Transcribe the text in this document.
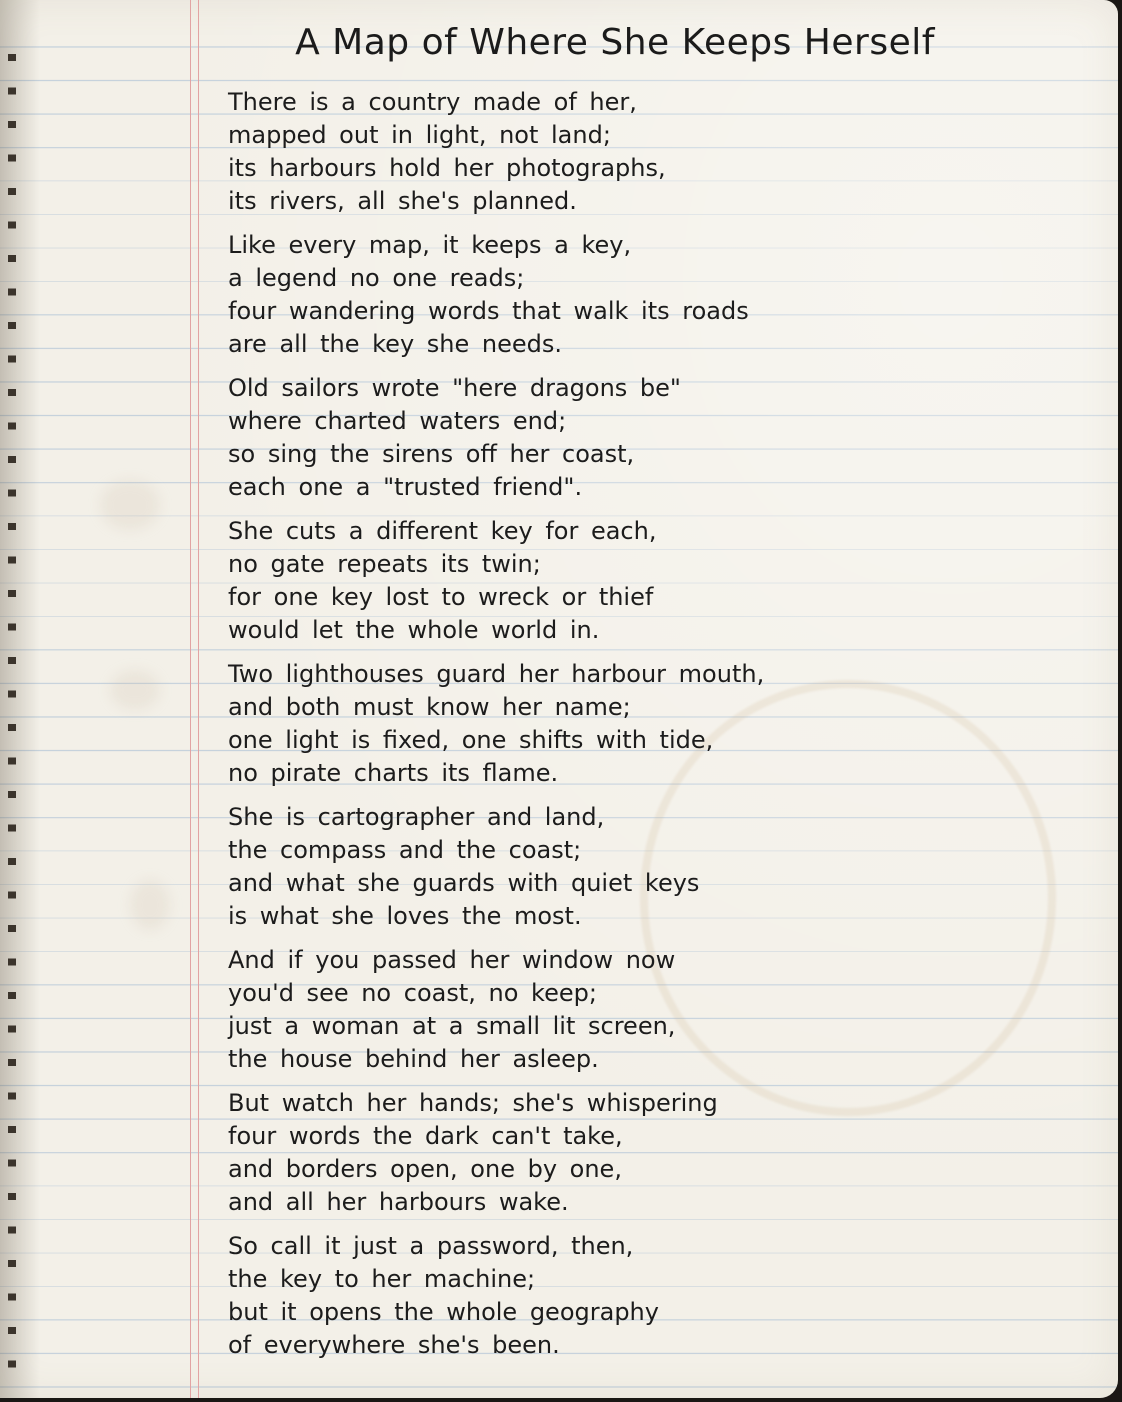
A Map of Where She Keeps Herself
There is a country made of her,
mapped out in light, not land;
its harbours hold her photographs,
its rivers, all she's planned.
Like every map, it keeps a key,
a legend no one reads;
four wandering words that walk its roads
are all the key she needs.
Old sailors wrote "here dragons be"
where charted waters end;
so sing the sirens off her coast,
each one a "trusted friend".
She cuts a different key for each,
no gate repeats its twin;
for one key lost to wreck or thief
would let the whole world in.
Two lighthouses guard her harbour mouth,
and both must know her name;
one light is fixed, one shifts with tide,
no pirate charts its flame.
She is cartographer and land,
the compass and the coast;
and what she guards with quiet keys
is what she loves the most.
And if you passed her window now
you'd see no coast, no keep;
just a woman at a small lit screen,
the house behind her asleep.
But watch her hands; she's whispering
four words the dark can't take,
and borders open, one by one,
and all her harbours wake.
So call it just a password, then,
the key to her machine;
but it opens the whole geography
of everywhere she's been.
